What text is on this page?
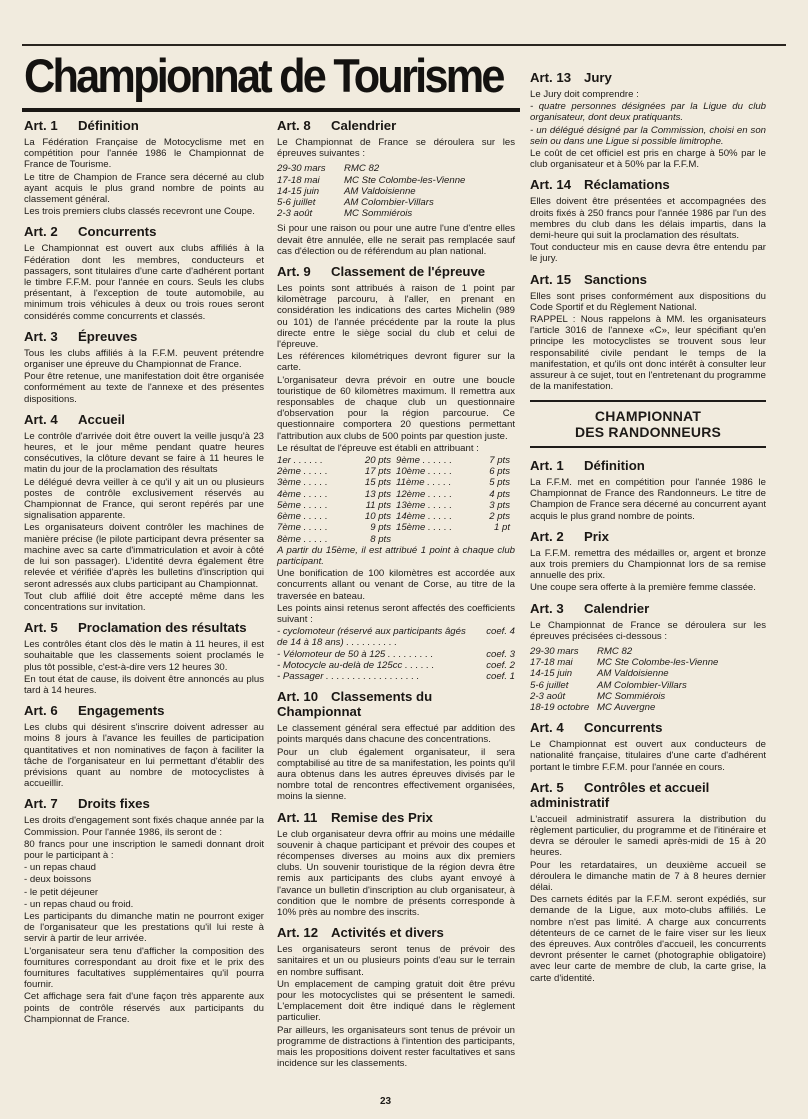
Championnat de Tourisme
Art. 1 Définition
La Fédération Française de Motocyclisme met en compétition pour l'année 1986 le Championnat de France de Tourisme.
Le titre de Champion de France sera décerné au club ayant acquis le plus grand nombre de points au classement général.
Les trois premiers clubs classés recevront une Coupe.
Art. 2 Concurrents
Le Championnat est ouvert aux clubs affiliés à la Fédération dont les membres, conducteurs et passagers, sont titulaires d'une carte d'adhérent portant le timbre F.F.M. pour l'année en cours. Seuls les clubs présentant, à l'exception de toute automobile, au minimum trois véhicules à deux ou trois roues seront considérés comme concurrents et classés.
Art. 3 Épreuves
Tous les clubs affiliés à la F.F.M. peuvent prétendre organiser une épreuve du Championnat de France.
Pour être retenue, une manifestation doit être organisée conformément au texte de l'annexe et des présentes dispositions.
Art. 4 Accueil
Le contrôle d'arrivée doit être ouvert la veille jusqu'à 23 heures, et le jour même pendant quatre heures consécutives, la clôture devant se faire à 11 heures le matin du jour de la proclamation des résultats
Le délégué devra veiller à ce qu'il y ait un ou plusieurs postes de contrôle exclusivement réservés au Championnat de France, qui seront repérés par une signalisation apparente.
Les organisateurs doivent contrôler les machines de manière précise (le pilote participant devra présenter sa machine avec sa carte d'immatriculation et avoir à côté de lui son passager). L'identité devra également être relevée et vérifiée d'après les bulletins d'inscription qui seront adressés aux clubs participant au Championnat.
Tout club affilié doit être accepté même dans les concentrations sur invitation.
Art. 5 Proclamation des résultats
Les contrôles étant clos dès le matin à 11 heures, il est souhaitable que les classements soient proclamés le plus tôt possible, c'est-à-dire vers 12 heures 30.
En tout état de cause, ils doivent être annoncés au plus tard à 14 heures.
Art. 6 Engagements
Les clubs qui désirent s'inscrire doivent adresser au moins 8 jours à l'avance les feuilles de participation quantitatives et non nominatives de façon à faciliter la tâche de l'organisateur en lui permettant d'établir des prévisions quant au nombre de motocyclistes à accueillir.
Art. 7 Droits fixes
Les droits d'engagement sont fixés chaque année par la Commission. Pour l'année 1986, ils seront de :
80 francs pour une inscription le samedi donnant droit pour le participant à :
- un repas chaud
- deux boissons
- le petit déjeuner
- un repas chaud ou froid.
Les participants du dimanche matin ne pourront exiger de l'organisateur que les prestations qu'il lui reste à servir à partir de leur arrivée.
L'organisateur sera tenu d'afficher la composition des fournitures correspondant au droit fixe et le prix des fournitures facultatives supplémentaires qu'il pourra fournir.
Cet affichage sera fait d'une façon très apparente aux points de contrôle réservés aux participants du Championnat de France.
Art. 8 Calendrier
Le Championnat de France se déroulera sur les épreuves suivantes :
29-30 mars	RMC 82
17-18 mai	MC Ste Colombe-les-Vienne
14-15 juin	AM Valdoisienne
5-6 juillet	AM Colombier-Villars
2-3 août	MC Sommiérois
Si pour une raison ou pour une autre l'une d'entre elles devait être annulée, elle ne serait pas remplacée sauf cas d'élection ou de référendum au plan national.
Art. 9 Classement de l'épreuve
Les points sont attribués à raison de 1 point par kilomètrage parcouru, à l'aller, en prenant en considération les indications des cartes Michelin (989 ou 101) de l'année précédente par la route la plus directe entre le siège social du club et celui de l'épreuve.
Les références kilométriques devront figurer sur la carte.
L'organisateur devra prévoir en outre une boucle touristique de 60 kilomètres maximum. Il remettra aux responsables de chaque club un questionnaire d'observation pour la région parcourue. Ce questionnaire comportera 20 questions permettant l'attribution aux clubs de 500 points par question juste.
Le résultat de l'épreuve est établi en attribuant :
1er . . . . . .	20 pts 9ème . . . . . .	7 pts
2ème . . . . .	17 pts 10ème . . . . .	6 pts
3ème . . . . .	15 pts 11ème . . . . .	5 pts
4ème . . . . .	13 pts 12ème . . . . .	4 pts
5ème . . . . .	11 pts 13ème . . . . .	3 pts
6ème . . . . .	10 pts 14ème . . . . .	2 pts
7ème . . . . .	9 pts 15ème . . . . .	1 pt
8ème . . . . .	8 pts
A partir du 15ème, il est attribué 1 point à chaque club participant.
Une bonification de 100 kilomètres est accordée aux concurrents allant ou venant de Corse, au titre de la traversée en bateau.
Les points ainsi retenus seront affectés des coefficients suivant :
- cyclomoteur (réservé aux participants âgés de 14 à 18 ans) . . . . . . . . . .
coef. 4
- Vélomoteur de 50 à 125 . . . . . . . . .	coef. 3
- Motocycle au-delà de 125cc . . . . . .	coef. 2
- Passager . . . . . . . . . . . . . . . . . .	coef. 1
Art. 10 Classements du Championnat
Le classement général sera effectué par addition des points marqués dans chacune des concentrations.
Pour un club également organisateur, il sera comptabilisé au titre de sa manifestation, les points qu'il aura obtenus dans les autres épreuves divisés par le nombre total de rencontres effectivement organisées, moins la sienne.
Art. 11 Remise des Prix
Le club organisateur devra offrir au moins une médaille souvenir à chaque participant et prévoir des coupes et récompenses diverses au moins aux dix premiers clubs. Un souvenir touristique de la région devra être remis aux participants des clubs ayant envoyé à l'avance un bulletin d'inscription au club organisateur, à condition que le nombre de présents corresponde à 10% près au nombre des inscrits.
Art. 12 Activités et divers
Les organisateurs seront tenus de prévoir des sanitaires et un ou plusieurs points d'eau sur le terrain en nombre suffisant.
Un emplacement de camping gratuit doit être prévu pour les motocyclistes qui se présentent le samedi. L'emplacement doit être indiqué dans le règlement particulier.
Par ailleurs, les organisateurs sont tenus de prévoir un programme de distractions à l'intention des participants, mais les propositions doivent rester facultatives et sans incidence sur les classements.
Art. 13 Jury
Le Jury doit comprendre :
- quatre personnes désignées par la Ligue du club organisateur, dont deux pratiquants.
- un délégué désigné par la Commission, choisi en son sein ou dans une Ligue si possible limitrophe.
Le coût de cet officiel est pris en charge à 50% par le club organisateur et à 50% par la F.F.M.
Art. 14 Réclamations
Elles doivent être présentées et accompagnées des droits fixés à 250 francs pour l'année 1986 par l'un des membres du club dans les délais impartis, dans la demi-heure qui suit la proclamation des résultats.
Tout conducteur mis en cause devra être entendu par le jury.
Art. 15 Sanctions
Elles sont prises conformément aux dispositions du Code Sportif et du Règlement National.
RAPPEL : Nous rappelons à MM. les organisateurs l'article 3016 de l'annexe «C», leur spécifiant qu'en principe les motocyclistes se trouvent sous leur responsabilité civile pendant le temps de la manifestation, et qu'ils ont donc intérêt à consulter leur assureur à ce sujet, tout en l'entretenant du programme de la manifestation.
CHAMPIONNAT
DES RANDONNEURS
Art. 1 Définition
La F.F.M. met en compétition pour l'année 1986 le Championnat de France des Randonneurs. Le titre de Champion de France sera décerné au concurrent ayant acquis le plus grand nombre de points.
Art. 2 Prix
La F.F.M. remettra des médailles or, argent et bronze aux trois premiers du Championnat lors de sa remise annuelle des prix.
Une coupe sera offerte à la première femme classée.
Art. 3 Calendrier
Le Championnat de France se déroulera sur les épreuves précisées ci-dessous :
29-30 mars	RMC 82
17-18 mai	MC Ste Colombe-les-Vienne
14-15 juin	AM Valdoisienne
5-6 juillet	AM Colombier-Villars
2-3 août	MC Sommiérois
18-19 octobre MC Auvergne
Art. 4 Concurrents
Le Championnat est ouvert aux conducteurs de nationalité française, titulaires d'une carte d'adhérent portant le timbre F.F.M. pour l'année en cours.
Art. 5 Contrôles et accueil administratif
L'accueil administratif assurera la distribution du règlement particulier, du programme et de l'itinéraire et devra se dérouler le samedi après-midi de 15 à 20 heures.
Pour les retardataires, un deuxième accueil se déroulera le dimanche matin de 7 à 8 heures dernier délai.
Des carnets édités par la F.F.M. seront expédiés, sur demande de la Ligue, aux moto-clubs affiliés. Le nombre n'est pas limité. A charge aux concurrents détenteurs de ce carnet de le faire viser sur les lieux des épreuves. Aux contrôles d'accueil, les concurrents devront présenter le carnet (photographie obligatoire) avec leur carte de membre de club, la carte grise, la carte d'identité.
23
